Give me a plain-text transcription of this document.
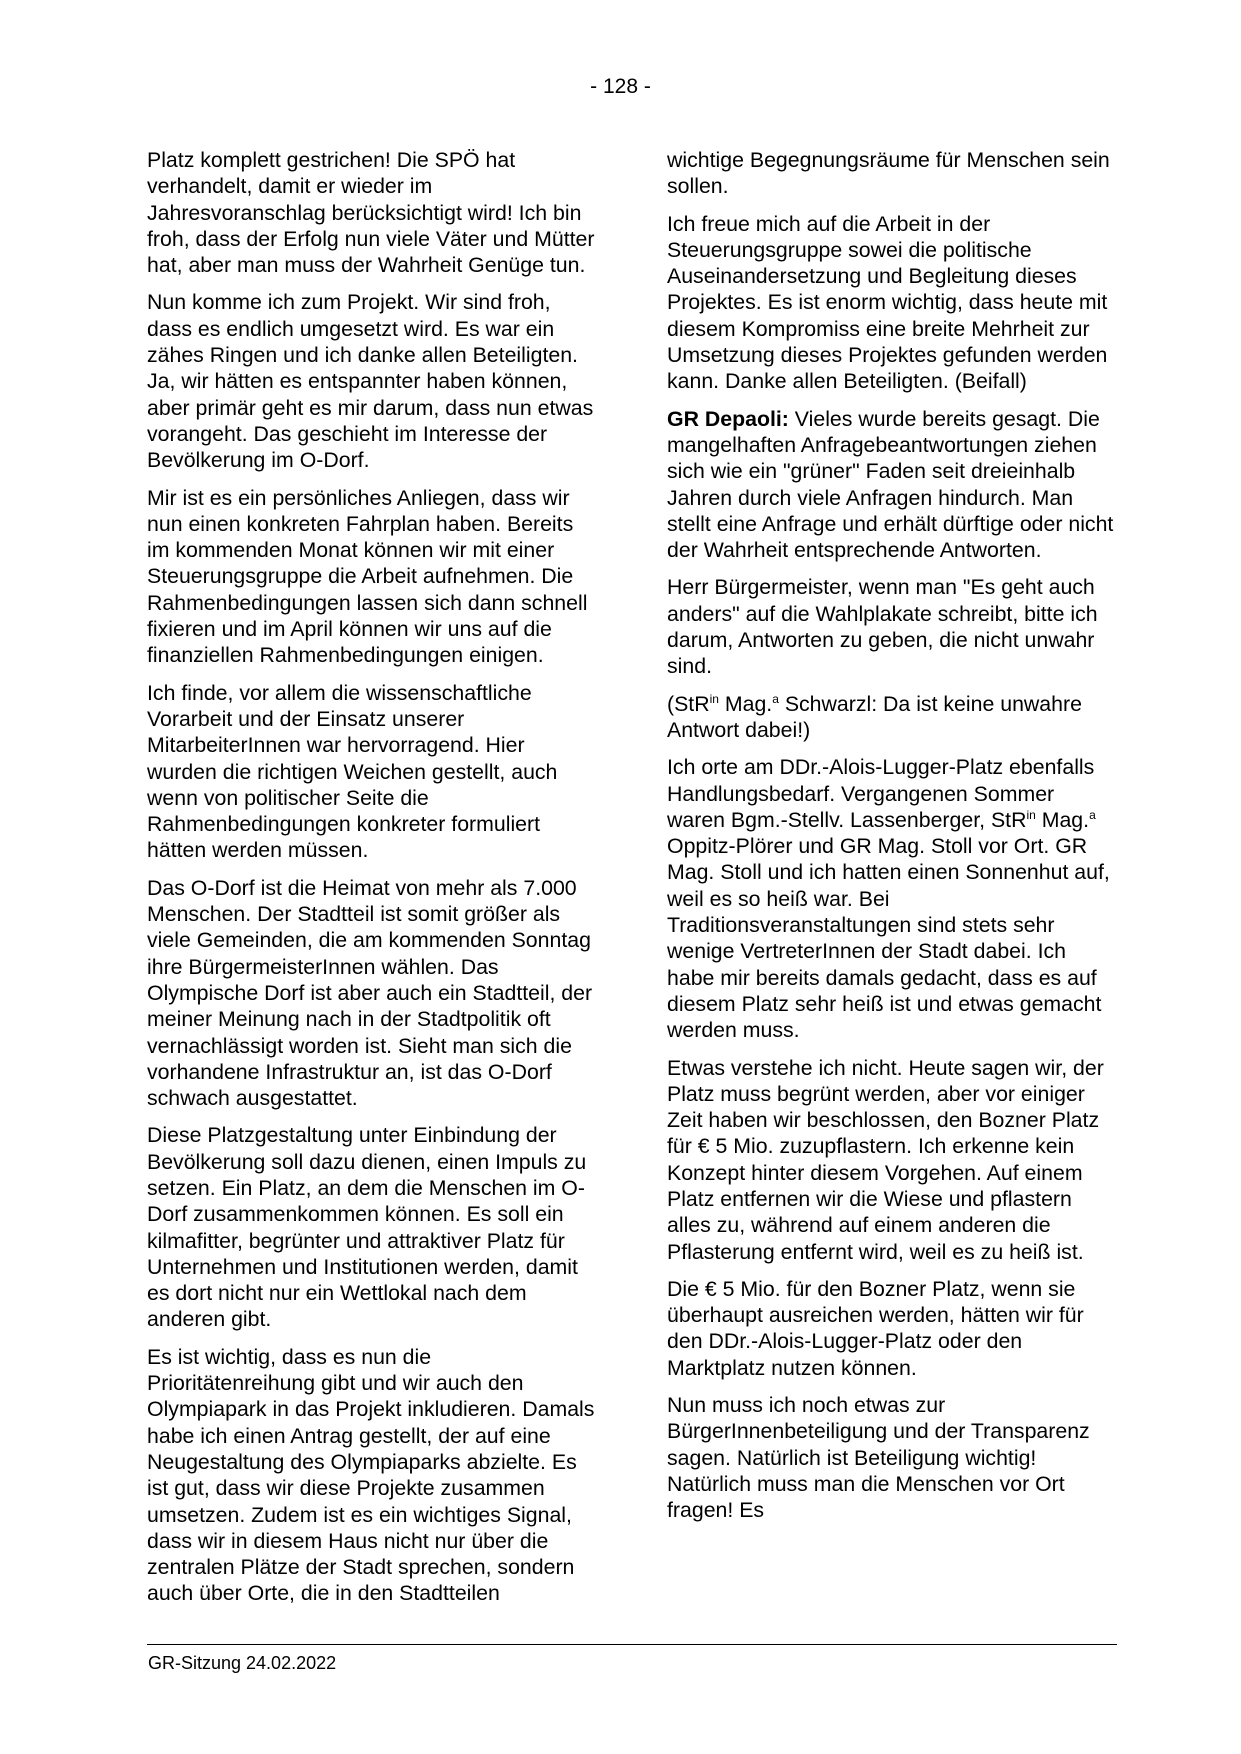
- 128 -

Platz komplett gestrichen! Die SPÖ hat verhandelt, damit er wieder im Jahresvoranschlag berücksichtigt wird! Ich bin froh, dass der Erfolg nun viele Väter und Mütter hat, aber man muss der Wahrheit Genüge tun.

Nun komme ich zum Projekt. Wir sind froh, dass es endlich umgesetzt wird. Es war ein zähes Ringen und ich danke allen Beteiligten. Ja, wir hätten es entspannter haben können, aber primär geht es mir darum, dass nun etwas vorangeht. Das geschieht im Interesse der Bevölkerung im O-Dorf.

Mir ist es ein persönliches Anliegen, dass wir nun einen konkreten Fahrplan haben. Bereits im kommenden Monat können wir mit einer Steuerungsgruppe die Arbeit aufnehmen. Die Rahmenbedingungen lassen sich dann schnell fixieren und im April können wir uns auf die finanziellen Rahmenbedingungen einigen.

Ich finde, vor allem die wissenschaftliche Vorarbeit und der Einsatz unserer MitarbeiterInnen war hervorragend. Hier wurden die richtigen Weichen gestellt, auch wenn von politischer Seite die Rahmenbedingungen konkreter formuliert hätten werden müssen.

Das O-Dorf ist die Heimat von mehr als 7.000 Menschen. Der Stadtteil ist somit größer als viele Gemeinden, die am kommenden Sonntag ihre BürgermeisterInnen wählen. Das Olympische Dorf ist aber auch ein Stadtteil, der meiner Meinung nach in der Stadtpolitik oft vernachlässigt worden ist. Sieht man sich die vorhandene Infrastruktur an, ist das O-Dorf schwach ausgestattet.

Diese Platzgestaltung unter Einbindung der Bevölkerung soll dazu dienen, einen Impuls zu setzen. Ein Platz, an dem die Menschen im O-Dorf zusammenkommen können. Es soll ein kilmafitter, begrünter und attraktiver Platz für Unternehmen und Institutionen werden, damit es dort nicht nur ein Wettlokal nach dem anderen gibt.

Es ist wichtig, dass es nun die Prioritätenreihung gibt und wir auch den Olympiapark in das Projekt inkludieren. Damals habe ich einen Antrag gestellt, der auf eine Neugestaltung des Olympiaparks abzielte. Es ist gut, dass wir diese Projekte zusammen umsetzen. Zudem ist es ein wichtiges Signal, dass wir in diesem Haus nicht nur über die zentralen Plätze der Stadt sprechen, sondern auch über Orte, die in den Stadtteilen

wichtige Begegnungsräume für Menschen sein sollen.

Ich freue mich auf die Arbeit in der Steuerungsgruppe sowei die politische Auseinandersetzung und Begleitung dieses Projektes. Es ist enorm wichtig, dass heute mit diesem Kompromiss eine breite Mehrheit zur Umsetzung dieses Projektes gefunden werden kann. Danke allen Beteiligten. (Beifall)

GR Depaoli: Vieles wurde bereits gesagt. Die mangelhaften Anfragebeantwortungen ziehen sich wie ein "grüner" Faden seit dreieinhalb Jahren durch viele Anfragen hindurch. Man stellt eine Anfrage und erhält dürftige oder nicht der Wahrheit entsprechende Antworten.

Herr Bürgermeister, wenn man "Es geht auch anders" auf die Wahlplakate schreibt, bitte ich darum, Antworten zu geben, die nicht unwahr sind.

(StR$^{in}$ Mag.$^a$ Schwarzl: Da ist keine unwahre Antwort dabei!)

Ich orte am DDr.-Alois-Lugger-Platz ebenfalls Handlungsbedarf. Vergangenen Sommer waren Bgm.-Stellv. Lassenberger, StR$^{in}$ Mag.$^a$ Oppitz-Plörer und GR Mag. Stoll vor Ort. GR Mag. Stoll und ich hatten einen Sonnenhut auf, weil es so heiß war. Bei Traditionsveranstaltungen sind stets sehr wenige VertreterInnen der Stadt dabei. Ich habe mir bereits damals gedacht, dass es auf diesem Platz sehr heiß ist und etwas gemacht werden muss.

Etwas verstehe ich nicht. Heute sagen wir, der Platz muss begrünt werden, aber vor einiger Zeit haben wir beschlossen, den Bozner Platz für € 5 Mio. zuzupflastern. Ich erkenne kein Konzept hinter diesem Vorgehen. Auf einem Platz entfernen wir die Wiese und pflastern alles zu, während auf einem anderen die Pflasterung entfernt wird, weil es zu heiß ist.

Die € 5 Mio. für den Bozner Platz, wenn sie überhaupt ausreichen werden, hätten wir für den DDr.-Alois-Lugger-Platz oder den Marktplatz nutzen können.

Nun muss ich noch etwas zur BürgerInnenbeteiligung und der Transparenz sagen. Natürlich ist Beteiligung wichtig! Natürlich muss man die Menschen vor Ort fragen! Es

GR-Sitzung 24.02.2022
